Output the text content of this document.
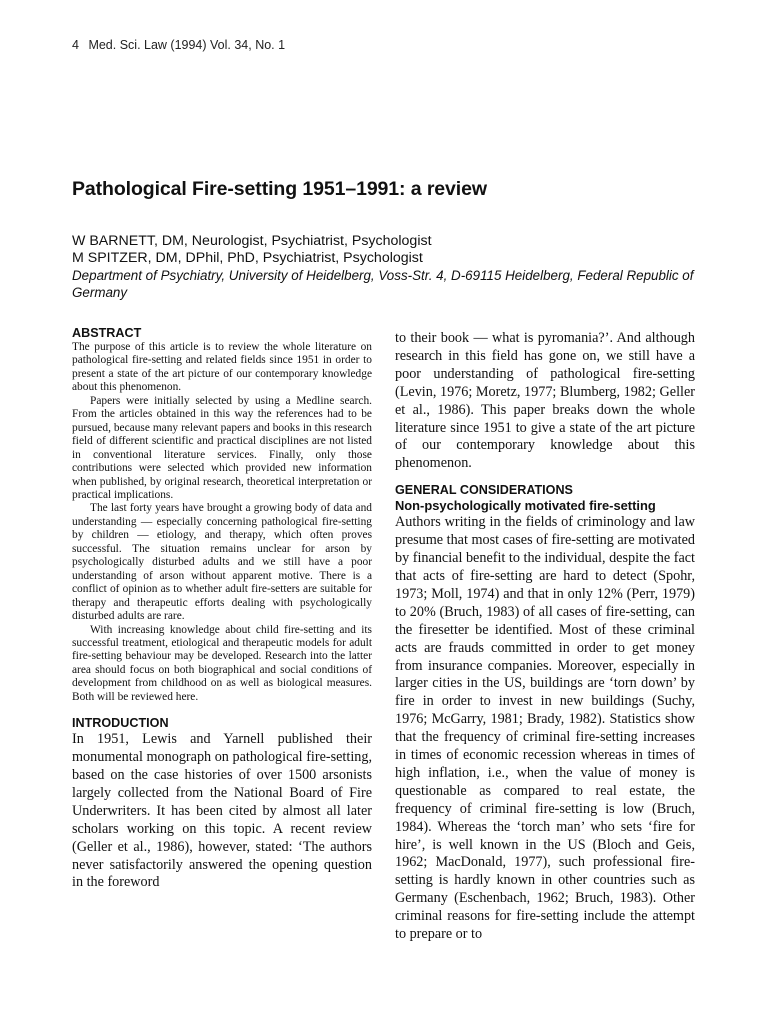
4 Med. Sci. Law (1994) Vol. 34, No. 1
Pathological Fire-setting 1951–1991: a review
W BARNETT, DM, Neurologist, Psychiatrist, Psychologist
M SPITZER, DM, DPhil, PhD, Psychiatrist, Psychologist
Department of Psychiatry, University of Heidelberg, Voss-Str. 4, D-69115 Heidelberg, Federal Republic of Germany
ABSTRACT

The purpose of this article is to review the whole literature on pathological fire-setting and related fields since 1951 in order to present a state of the art picture of our contemporary knowledge about this phenomenon.

Papers were initially selected by using a Medline search. From the articles obtained in this way the references had to be pursued, because many relevant papers and books in this research field of different scientific and practical disciplines are not listed in conventional literature services. Finally, only those contributions were selected which provided new information when published, by original research, theoretical interpretation or practical implications.

The last forty years have brought a growing body of data and understanding — especially concerning pathological fire-setting by children — etiology, and therapy, which often proves successful. The situation remains unclear for arson by psychologically disturbed adults and we still have a poor understanding of arson without apparent motive. There is a conflict of opinion as to whether adult fire-setters are suitable for therapy and therapeutic efforts dealing with psychologically disturbed adults are rare.

With increasing knowledge about child fire-setting and its successful treatment, etiological and therapeutic models for adult fire-setting behaviour may be developed. Research into the latter area should focus on both biographical and social conditions of development from childhood on as well as biological measures. Both will be reviewed here.

INTRODUCTION

In 1951, Lewis and Yarnell published their monumental monograph on pathological fire-setting, based on the case histories of over 1500 arsonists largely collected from the National Board of Fire Underwriters. It has been cited by almost all later scholars working on this topic. A recent review (Geller et al., 1986), however, stated: ‘The authors never satisfactorily answered the opening question in the foreword

to their book — what is pyromania?’. And although research in this field has gone on, we still have a poor understanding of pathological fire-setting (Levin, 1976; Moretz, 1977; Blumberg, 1982; Geller et al., 1986). This paper breaks down the whole literature since 1951 to give a state of the art picture of our contemporary knowledge about this phenomenon.

GENERAL CONSIDERATIONS
Non-psychologically motivated fire-setting

Authors writing in the fields of criminology and law presume that most cases of fire-setting are motivated by financial benefit to the individual, despite the fact that acts of fire-setting are hard to detect (Spohr, 1973; Moll, 1974) and that in only 12% (Perr, 1979) to 20% (Bruch, 1983) of all cases of fire-setting, can the firesetter be identified. Most of these criminal acts are frauds committed in order to get money from insurance companies. Moreover, especially in larger cities in the US, buildings are ‘torn down’ by fire in order to invest in new buildings (Suchy, 1976; McGarry, 1981; Brady, 1982). Statistics show that the frequency of criminal fire-setting increases in times of economic recession whereas in times of high inflation, i.e., when the value of money is questionable as compared to real estate, the frequency of criminal fire-setting is low (Bruch, 1984). Whereas the ‘torch man’ who sets ‘fire for hire’, is well known in the US (Bloch and Geis, 1962; MacDonald, 1977), such professional fire-setting is hardly known in other countries such as Germany (Eschenbach, 1962; Bruch, 1983). Other criminal reasons for fire-setting include the attempt to prepare or to
